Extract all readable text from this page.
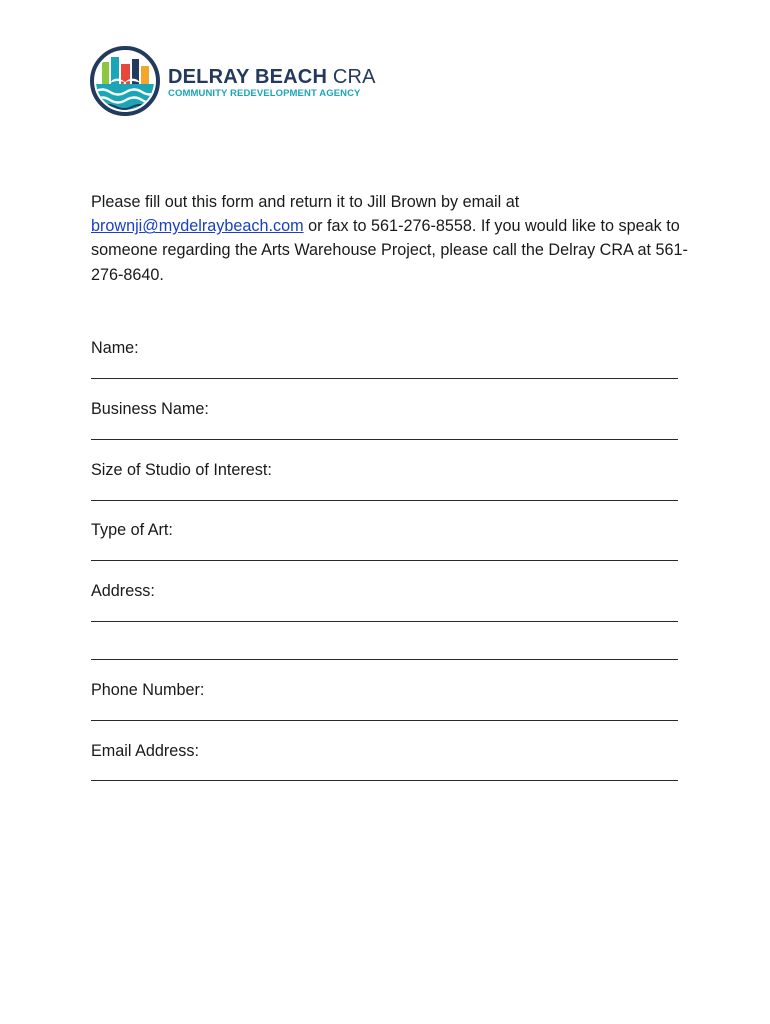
DELRAY BEACH CRA
COMMUNITY REDEVELOPMENT AGENCY

Please fill out this form and return it to Jill Brown by email at brownji@mydelraybeach.com or fax to 561-276-8558. If you would like to speak to someone regarding the Arts Warehouse Project, please call the Delray CRA at 561-276-8640.

Name:
Business Name:
Size of Studio of Interest:
Type of Art:
Address:
Phone Number:
Email Address:
